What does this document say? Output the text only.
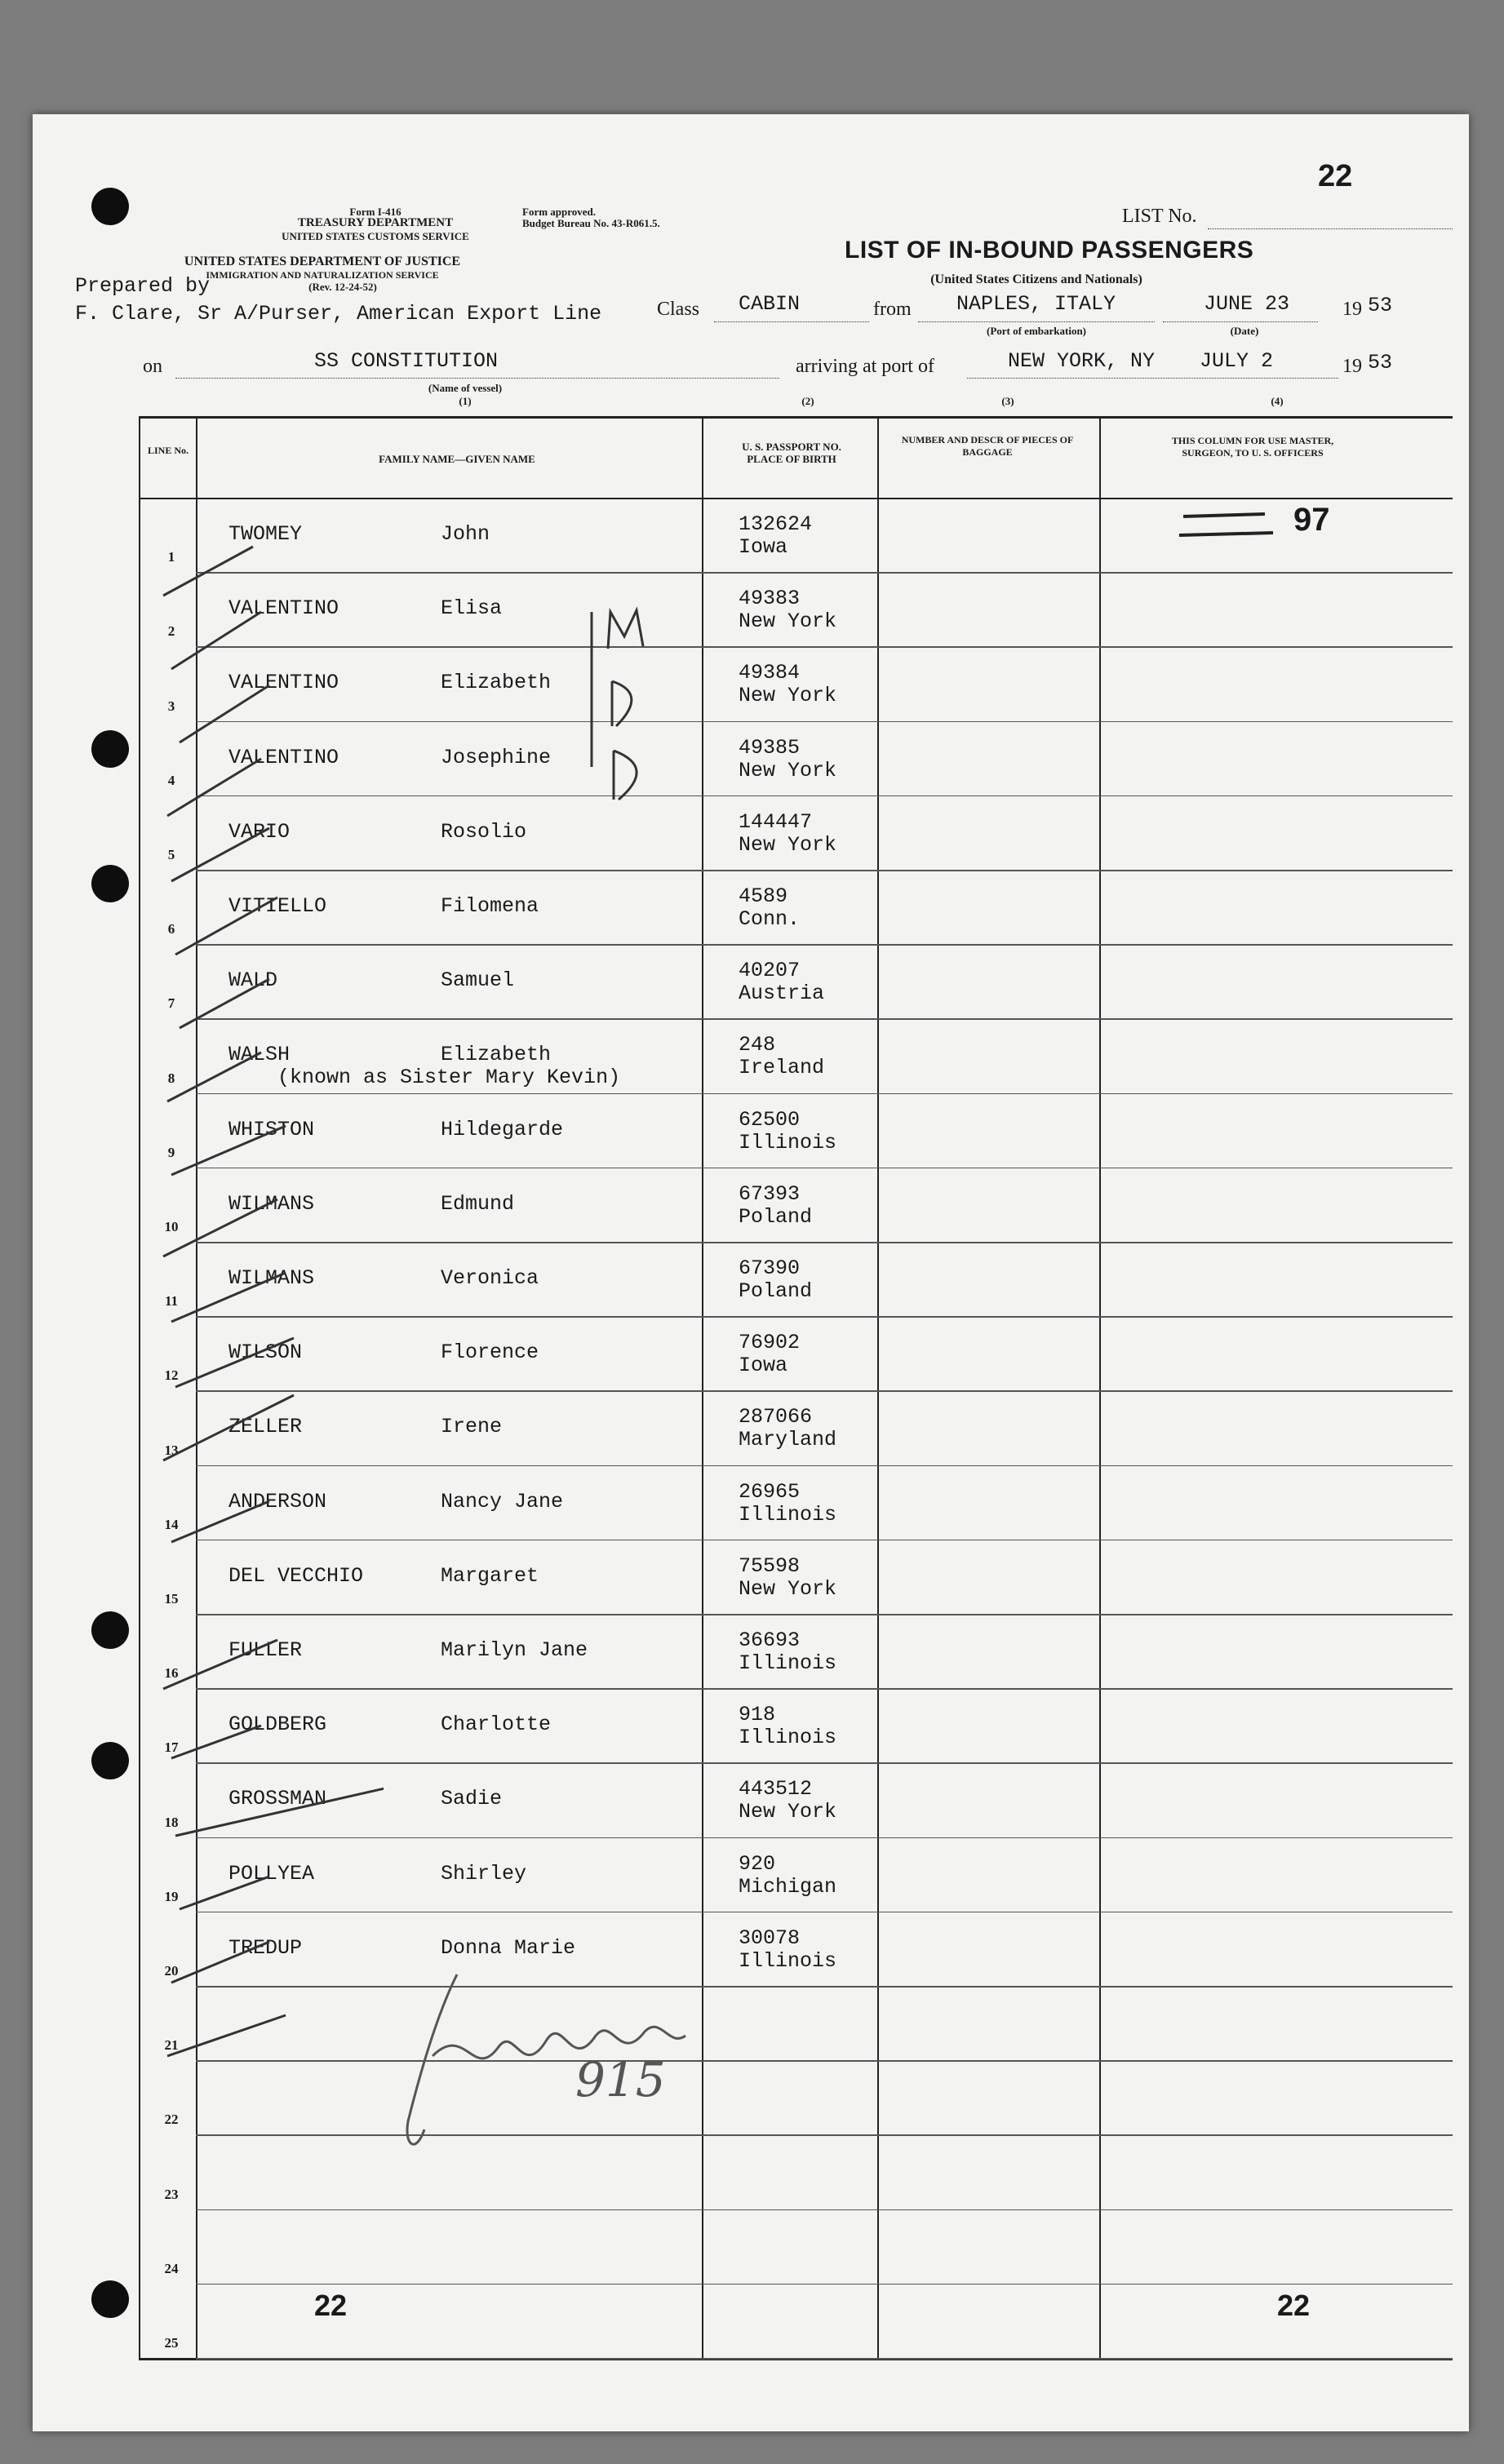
22
Form I-416
TREASURY DEPARTMENT
UNITED STATES CUSTOMS SERVICE
Form approved.
Budget Bureau No. 43-R061.5.
UNITED STATES DEPARTMENT OF JUSTICE
IMMIGRATION AND NATURALIZATION SERVICE
(Rev. 12-24-52)
LIST No.
LIST OF IN-BOUND PASSENGERS
(United States Citizens and Nationals)
Prepared by
F. Clare, Sr A/Purser, American Export Line	Class CABIN	from NAPLES, ITALY
(Port of embarkation)
JUNE 23
(Date)
19 53
on	SS CONSTITUTION
(Name of vessel)
(1)
arriving at port of	NEW YORK, NY JULY 2	19 53
(2)	(3)	(4)
LINE No.
FAMILY NAME—GIVEN NAME
U. S. PASSPORT NO. PLACE OF BIRTH
NUMBER AND DESCR OF PIECES OF BAGGAGE
THIS COLUMN FOR USE MASTER, SURGEON, TO U. S. OFFICERS
1
TWOMEY	John	132624
Iowa
2
VALENTINO	Elisa	49383
New York
3
VALENTINO	Elizabeth	49384
New York
4
VALENTINO	Josephine	49385
New York
5
VARIO	Rosolio	144447
New York
6
VITIELLO	Filomena	4589
Conn.
7
WALD	Samuel	40207
Austria
8
WALSH	Elizabeth	248
Ireland
(known as Sister Mary Kevin)
9
WHISTON	Hildegarde	62500
Illinois
10
WILMANS	Edmund	67393
Poland
11
WILMANS	Veronica	67390
Poland
12
WILSON	Florence	76902
Iowa
13
ZELLER	Irene	287066
Maryland
14
ANDERSON	Nancy Jane	26965
Illinois
15
DEL VECCHIO	Margaret	75598
New York
16
FULLER	Marilyn Jane	36693
Illinois
17
GOLDBERG	Charlotte	918
Illinois
18
GROSSMAN	Sadie	443512
New York
19
POLLYEA	Shirley	920
Michigan
20
TREDUP	Donna Marie	30078
Illinois
21
22
23
24
25
97
915
22	22
